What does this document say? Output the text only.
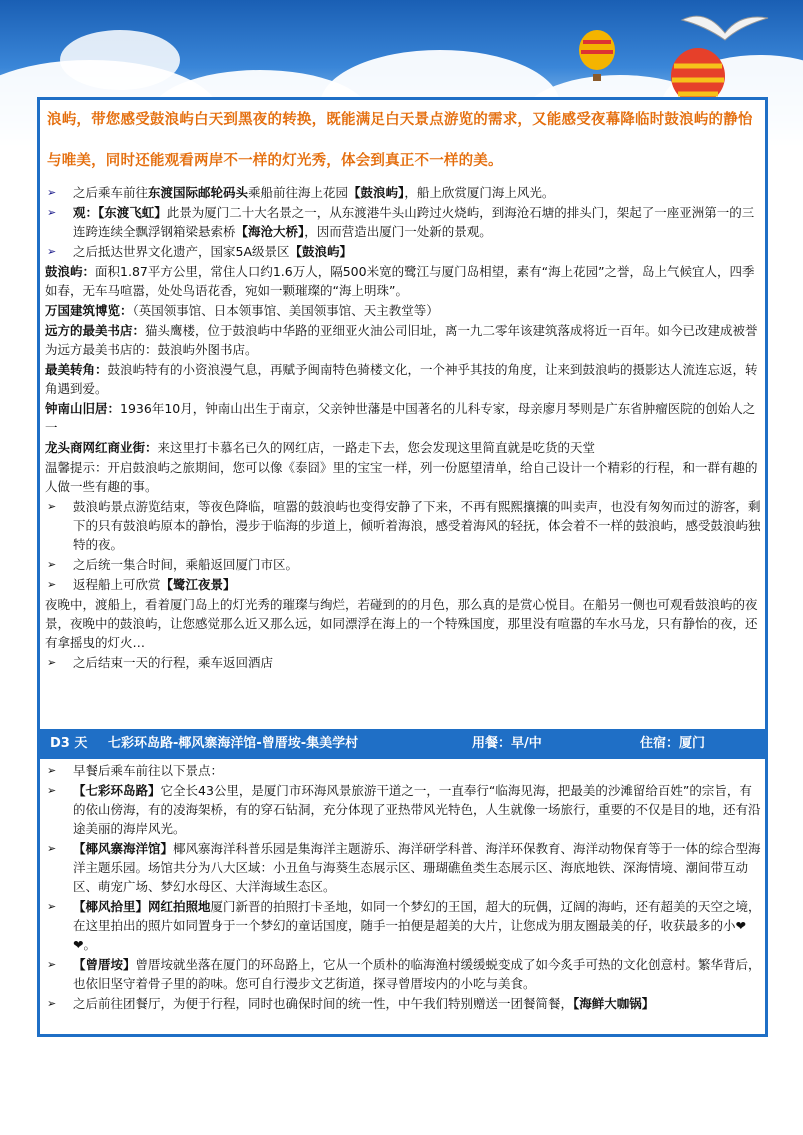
浪屿，带您感受鼓浪屿白天到黑夜的转换，既能满足白天景点游览的需求，又能感受夜幕降临时鼓浪屿的静怡与唯美，同时还能观看两岸不一样的灯光秀，体会到真正不一样的美。

➢ 之后乘车前往东渡国际邮轮码头乘船前往海上花园【鼓浪屿】，船上欣赏厦门海上风光。
➢ 观：【东渡飞虹】此景为厦门二十大名景之一，从东渡港牛头山跨过火烧屿，到海沧石塘的排头门，架起了一座亚洲第一的三连跨连续全飘浮钢箱梁悬索桥【海沧大桥】，因而营造出厦门一处新的景观。
➢ 之后抵达世界文化遗产，国家5A级景区【鼓浪屿】

鼓浪屿：面积1.87平方公里，常住人口约1.6万人，隔500米宽的鹭江与厦门岛相望，素有“海上花园”之誉，岛上气候宜人，四季如春，无车马喧嚣，处处鸟语花香，宛如一颗璀璨的“海上明珠”。

万国建筑博览：（英国领事馆、日本领事馆、美国领事馆、天主教堂等）

远方的最美书店：猫头鹰楼，位于鼓浪屿中华路的亚细亚火油公司旧址，离一九二零年该建筑落成将近一百年。如今已改建成被誉为远方最美书店的：鼓浪屿外图书店。

最美转角：鼓浪屿特有的小资浪漫气息，再赋予闽南特色骑楼文化，一个神乎其技的角度，让来到鼓浪屿的摄影达人流连忘返，转角遇到爱。

钟南山旧居：1936年10月，钟南山出生于南京，父亲钟世藩是中国著名的儿科专家，母亲廖月琴则是广东省肿瘤医院的创始人之一

龙头商网红商业街：来这里打卡慕名已久的网红店，一路走下去，您会发现这里简直就是吃货的天堂

温馨提示：开启鼓浪屿之旅期间，您可以像《泰囧》里的宝宝一样，列一份愿望清单，给自己设计一个精彩的行程，和一群有趣的人做一些有趣的事。

➢ 鼓浪屿景点游览结束，等夜色降临，喧嚣的鼓浪屿也变得安静了下来，不再有熙熙攘攘的叫卖声，也没有匆匆而过的游客，剩下的只有鼓浪屿原本的静怡，漫步于临海的步道上，倾听着海浪，感受着海风的轻抚，体会着不一样的鼓浪屿，感受鼓浪屿独特的夜。
➢ 之后统一集合时间，乘船返回厦门市区。
➢ 返程船上可欣赏【鹭江夜景】

夜晚中，渡船上，看着厦门岛上的灯光秀的璀璨与绚烂，若碰到的的月色，那么真的是赏心悦目。在船另一侧也可观看鼓浪屿的夜景，夜晚中的鼓浪屿，让您感觉那么近又那么远，如同漂浮在海上的一个特殊国度，那里没有喧嚣的车水马龙，只有静怡的夜，还有拿摇曳的灯火…

➢ 之后结束一天的行程，乘车返回酒店
D3 天 七彩环岛路-椰风寨海洋馆-曾厝垵-集美学村	用餐：早/中	住宿：厦门
➢ 早餐后乘车前往以下景点：
➢ 【七彩环岛路】它全长43公里，是厦门市环海风景旅游干道之一，一直奉行“临海见海，把最美的沙滩留给百姓”的宗旨，有的依山傍海，有的凌海架桥，有的穿石钻洞，充分体现了亚热带风光特色，人生就像一场旅行，重要的不仅是目的地，还有沿途美丽的海岸风光。
➢ 【椰风寨海洋馆】椰风寨海洋科普乐园是集海洋主题游乐、海洋研学科普、海洋环保教育、海洋动物保育等于一体的综合型海洋主题乐园。场馆共分为八大区域：小丑鱼与海葵生态展示区、珊瑚礁鱼类生态展示区、海底地铁、深海情境、潮间带互动区、萌宠广场、梦幻水母区、大洋海域生态区。
➢ 【椰风拾里】网红拍照地厦门新晋的拍照打卡圣地，如同一个梦幻的王国，超大的玩偶，辽阔的海屿，还有超美的天空之境，在这里拍出的照片如同置身于一个梦幻的童话国度，随手一拍便是超美的大片，让您成为朋友圈最美的仔，收获最多的小❤❤。
➢ 【曾厝垵】曾厝垵就坐落在厦门的环岛路上，它从一个质朴的临海渔村缓缓蜕变成了如今炙手可热的文化创意村。繁华背后，也依旧坚守着骨子里的韵味。您可自行漫步文艺街道，探寻曾厝垵内的小吃与美食。
➢ 之后前往团餐厅，为便于行程，同时也确保时间的统一性，中午我们特别赠送一团餐简餐，【海鲜大咖锅】
